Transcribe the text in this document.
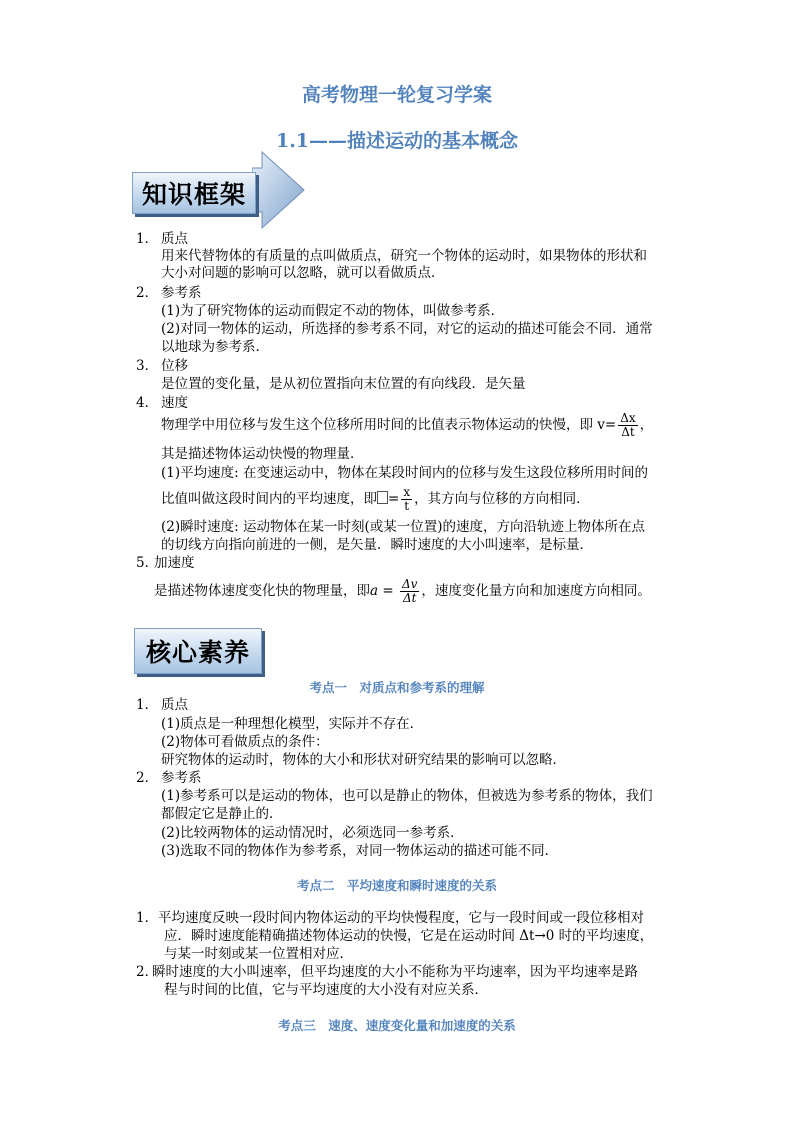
高考物理一轮复习学案
1.1——描述运动的基本概念
知识框架
1． 质点
用来代替物体的有质量的点叫做质点，研究一个物体的运动时，如果物体的形状和
大小对问题的影响可以忽略，就可以看做质点．
2． 参考系
(1)为了研究物体的运动而假定不动的物体，叫做参考系．
(2)对同一物体的运动，所选择的参考系不同，对它的运动的描述可能会不同．通常
以地球为参考系．
3． 位移
是位置的变化量，是从初位置指向末位置的有向线段．是矢量
4． 速度
物理学中用位移与发生这个位移所用时间的比值表示物体运动的快慢，即 $v= \frac{\Delta x}{\Delta t}$ ，
其是描述物体运动快慢的物理量．
(1)平均速度: 在变速运动中，物体在某段时间内的位移与发生这段位移所用时间的
比值叫做这段时间内的平均速度，即 = $\frac{x}{t}$ ，其方向与位移的方向相同．
(2)瞬时速度: 运动物体在某一时刻(或某一位置)的速度，方向沿轨迹上物体所在点
的切线方向指向前进的一侧，是矢量．瞬时速度的大小叫速率，是标量．
5．
加速度
是描述物体速度变化快的物理量，即$a = \frac{\Delta v}{\Delta t}$ ，速度变化量方向和加速度方向相同。
核心素养
考点一　对质点和参考系的理解
1． 质点
(1)质点是一种理想化模型，实际并不存在．
(2)物体可看做质点的条件：
研究物体的运动时，物体的大小和形状对研究结果的影响可以忽略．
2． 参考系
(1)参考系可以是运动的物体，也可以是静止的物体，但被选为参考系的物体，我们
都假定它是静止的．
(2)比较两物体的运动情况时，必须选同一参考系．
(3)选取不同的物体作为参考系，对同一物体运动的描述可能不同．
考点二　平均速度和瞬时速度的关系
1． 平均速度反映一段时间内物体运动的平均快慢程度，它与一段时间或一段位移相对
应．瞬时速度能精确描述物体运动的快慢，它是在运动时间 Δt→0 时的平均速度，
与某一时刻或某一位置相对应．
2．
瞬时速度的大小叫速率，但平均速度的大小不能称为平均速率，因为平均速率是路
程与时间的比值，它与平均速度的大小没有对应关系．
考点三　速度、速度变化量和加速度的关系
